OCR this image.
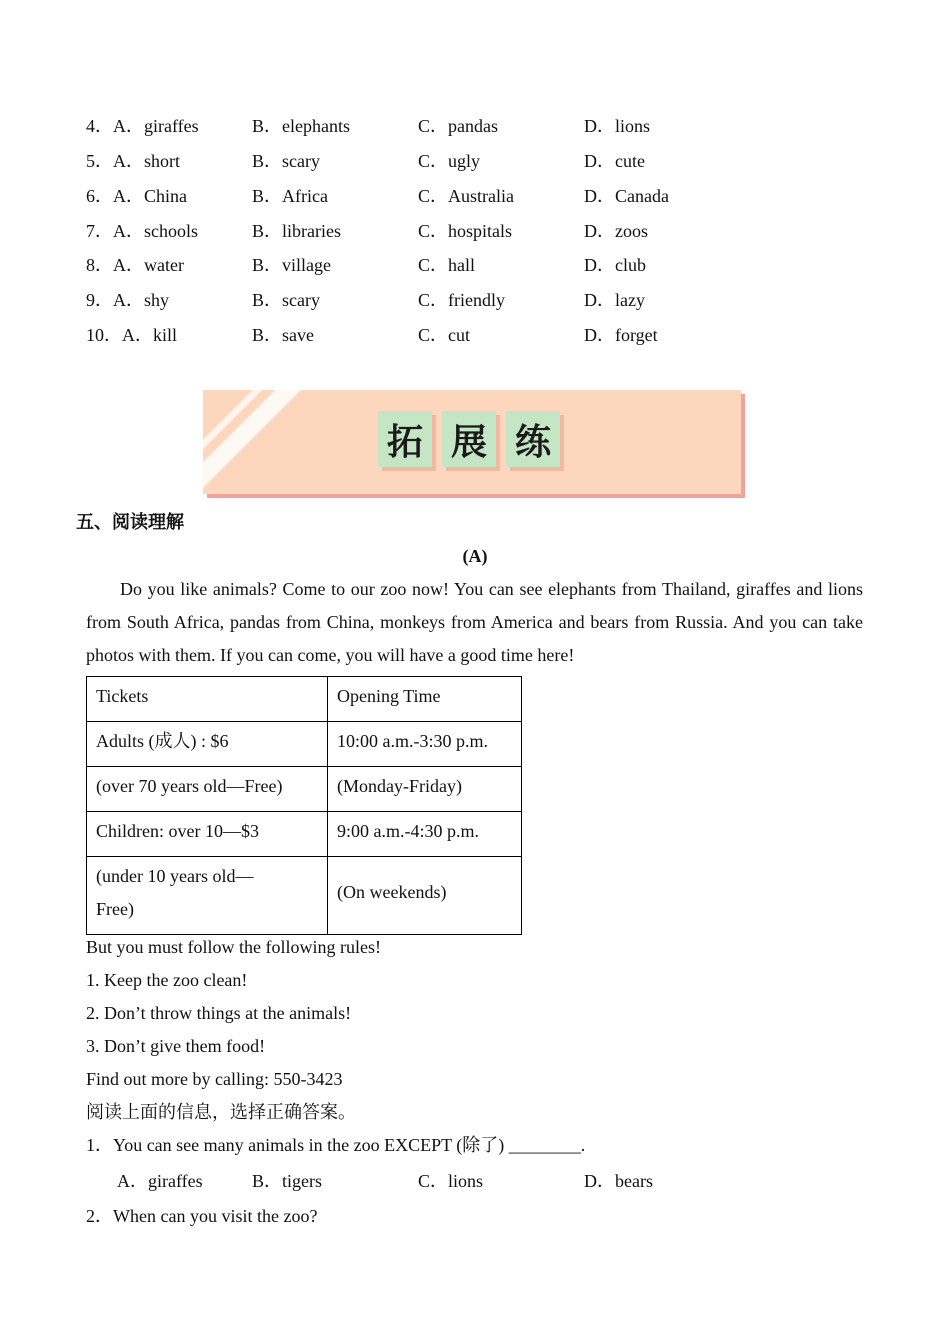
4．A．giraffes	B．elephants	C．pandas	D．lions
5．A．short	B．scary	C．ugly	D．cute
6．A．China	B．Africa	C．Australia	D．Canada
7．A．schools	B．libraries	C．hospitals	D．zoos
8．A．water	B．village	C．hall	D．club
9．A．shy	B．scary	C．friendly	D．lazy
10．A．kill	B．save	C．cut	D．forget
拓 展 练
五、阅读理解
(A)

Do you like animals? Come to our zoo now! You can see elephants from Thailand, giraffes and lions from South Africa, pandas from China, monkeys from America and bears from Russia. And you can take photos with them. If you can come, you will have a good time here!

Tickets	Opening Time
Adults (成人) : $6	10:00 a.m.-3:30 p.m.
(over 70 years old—Free)	(Monday-Friday)
Children: over 10—$3	9:00 a.m.-4:30 p.m.

(under 10 years old—Free)	(On weekends)
But you must follow the following rules!
1. Keep the zoo clean!
2. Don’t throw things at the animals!
3. Don’t give them food!
Find out more by calling: 550-3423
阅读上面的信息，选择正确答案。
1．You can see many animals in the zoo EXCEPT (除了) ________.
A．giraffes	B．tigers	C．lions	D．bears
2．When can you visit the zoo?
